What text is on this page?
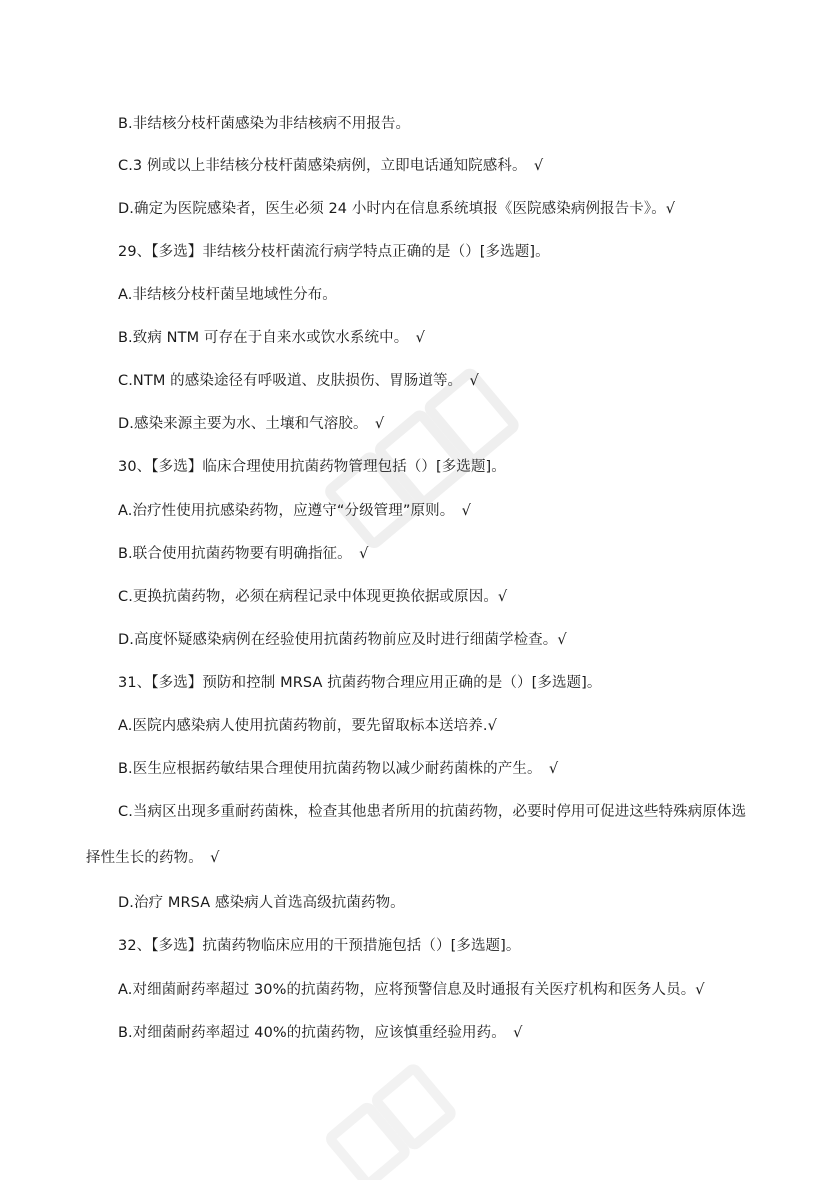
B.非结核分枝杆菌感染为非结核病不用报告。
C.3 例或以上非结核分枝杆菌感染病例，立即电话通知院感科。　√
D.确定为医院感染者，医生必须 24 小时内在信息系统填报《医院感染病例报告卡》。√
29、【多选】非结核分枝杆菌流行病学特点正确的是（）[多选题]。
A.非结核分枝杆菌呈地域性分布。
B.致病 NTM 可存在于自来水或饮水系统中。　√
C.NTM 的感染途径有呼吸道、皮肤损伤、胃肠道等。　√
D.感染来源主要为水、土壤和气溶胶。　√
30、【多选】临床合理使用抗菌药物管理包括（）[多选题]。
A.治疗性使用抗感染药物，应遵守“分级管理”原则。　√
B.联合使用抗菌药物要有明确指征。　√
C.更换抗菌药物，必须在病程记录中体现更换依据或原因。√
D.高度怀疑感染病例在经验使用抗菌药物前应及时进行细菌学检查。√
31、【多选】预防和控制 MRSA 抗菌药物合理应用正确的是（）[多选题]。
A.医院内感染病人使用抗菌药物前，要先留取标本送培养.√
B.医生应根据药敏结果合理使用抗菌药物以减少耐药菌株的产生。　√
C.当病区出现多重耐药菌株，检查其他患者所用的抗菌药物，必要时停用可促进这些特殊病原体选
择性生长的药物。　√
D.治疗 MRSA 感染病人首选高级抗菌药物。
32、【多选】抗菌药物临床应用的干预措施包括（）[多选题]。
A.对细菌耐药率超过 30%的抗菌药物，应将预警信息及时通报有关医疗机构和医务人员。√
B.对细菌耐药率超过 40%的抗菌药物，应该慎重经验用药。　√
